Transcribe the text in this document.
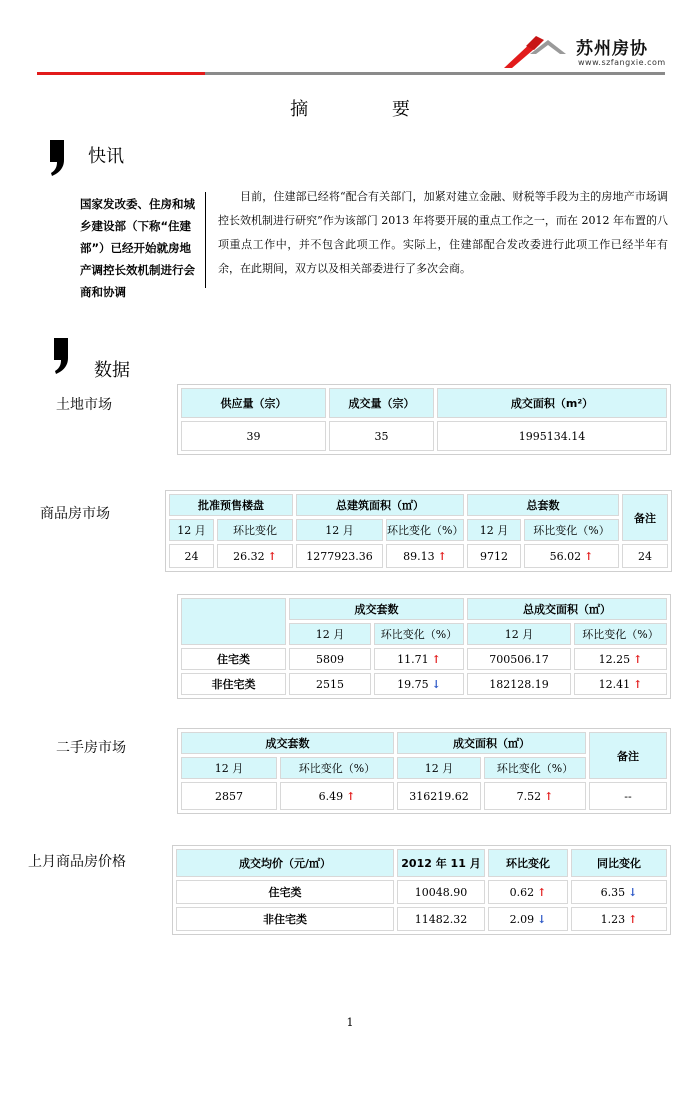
苏州房协
www.szfangxie.com
摘	要
快讯
国家发改委、住房和城乡建设部（下称“住建部”）已经开始就房地产调控长效机制进行会商和协调
目前，住建部已经将“配合有关部门，加紧对建立金融、财税等手段为主的房地产市场调控长效机制进行研究”作为该部门 2013 年将要开展的重点工作之一，而在 2012 年布置的八项重点工作中，并不包含此项工作。实际上，住建部配合发改委进行此项工作已经半年有余，在此期间，双方以及相关部委进行了多次会商。
数据
土地市场	供应量（宗）	成交量（宗）	成交面积（m²）
39	35	1995134.14
商品房市场
批准预售楼盘		总建筑面积（㎡）		总套数		备注
12 月	环比变化	12 月	环比变化（%）	12 月	环比变化（%）	
24	26.32 ↑	1277923.36	89.13 ↑	9712	56.02 ↑	24
	成交套数		总成交面积（㎡）	
	12 月	环比变化（%）	12 月	环比变化（%）
住宅类	5809	11.71 ↑	700506.17	12.25 ↑
非住宅类	2515	19.75 ↓	182128.19	12.41 ↑
二手房市场	成交套数		成交面积（㎡）		备注
12 月	环比变化（%）	12 月	环比变化（%）	
2857	6.49 ↑	316219.62	7.52 ↑	--
上月商品房价格	成交均价（元/㎡）	2012 年 11 月	环比变化	同比变化
住宅类	10048.90	0.62 ↑	6.35 ↓
非住宅类	11482.32	2.09 ↓	1.23 ↑
1
